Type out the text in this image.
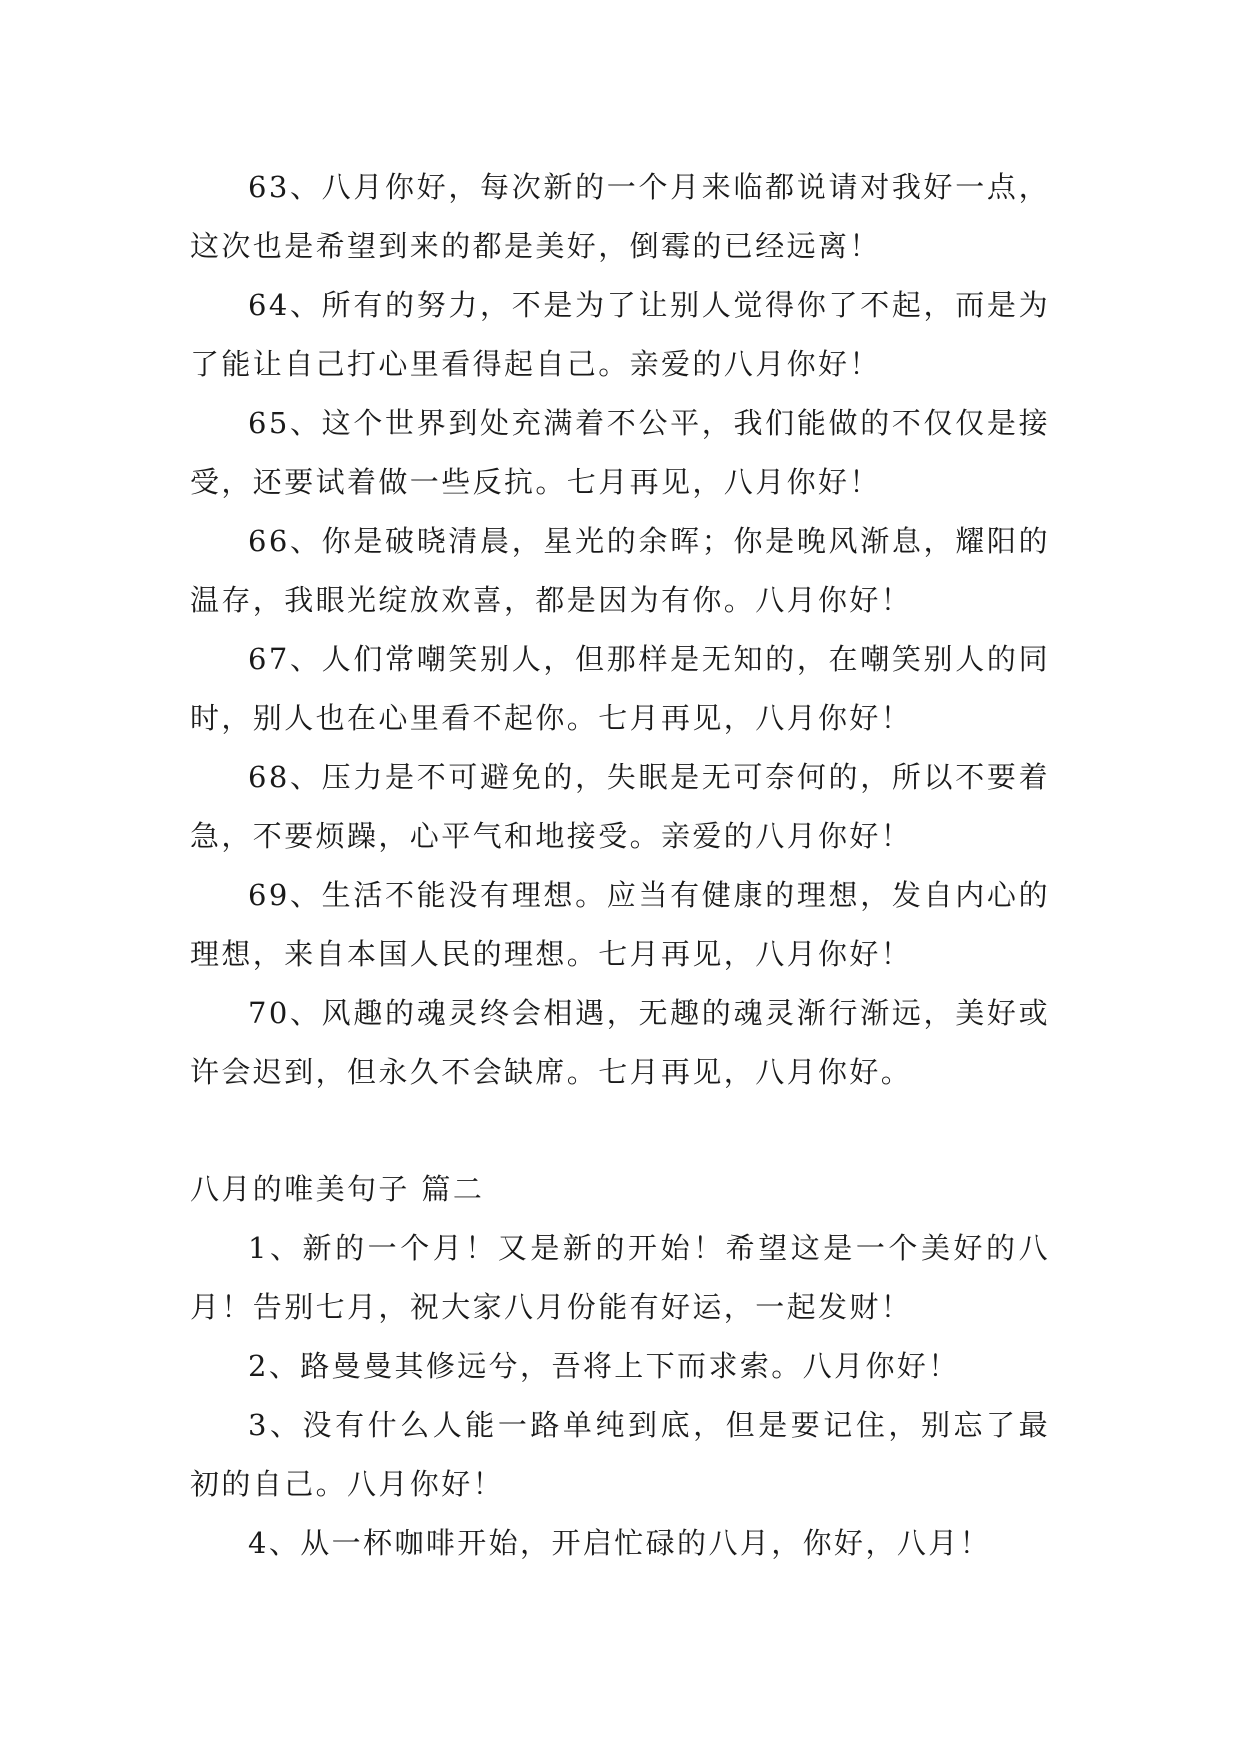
63、八月你好，每次新的一个月来临都说请对我好一点，这次也是希望到来的都是美好，倒霉的已经远离！

64、所有的努力，不是为了让别人觉得你了不起，而是为了能让自己打心里看得起自己。亲爱的八月你好！

65、这个世界到处充满着不公平，我们能做的不仅仅是接受，还要试着做一些反抗。七月再见，八月你好！

66、你是破晓清晨，星光的余晖；你是晚风渐息，耀阳的温存，我眼光绽放欢喜，都是因为有你。八月你好！

67、人们常嘲笑别人，但那样是无知的，在嘲笑别人的同时，别人也在心里看不起你。七月再见，八月你好！

68、压力是不可避免的，失眠是无可奈何的，所以不要着急，不要烦躁，心平气和地接受。亲爱的八月你好！

69、生活不能没有理想。应当有健康的理想，发自内心的理想，来自本国人民的理想。七月再见，八月你好！

70、风趣的魂灵终会相遇，无趣的魂灵渐行渐远，美好或许会迟到，但永久不会缺席。七月再见，八月你好。

八月的唯美句子 篇二

1、新的一个月！又是新的开始！希望这是一个美好的八月！告别七月，祝大家八月份能有好运，一起发财！

2、路曼曼其修远兮，吾将上下而求索。八月你好！

3、没有什么人能一路单纯到底，但是要记住，别忘了最初的自己。八月你好！

4、从一杯咖啡开始，开启忙碌的八月，你好，八月！
